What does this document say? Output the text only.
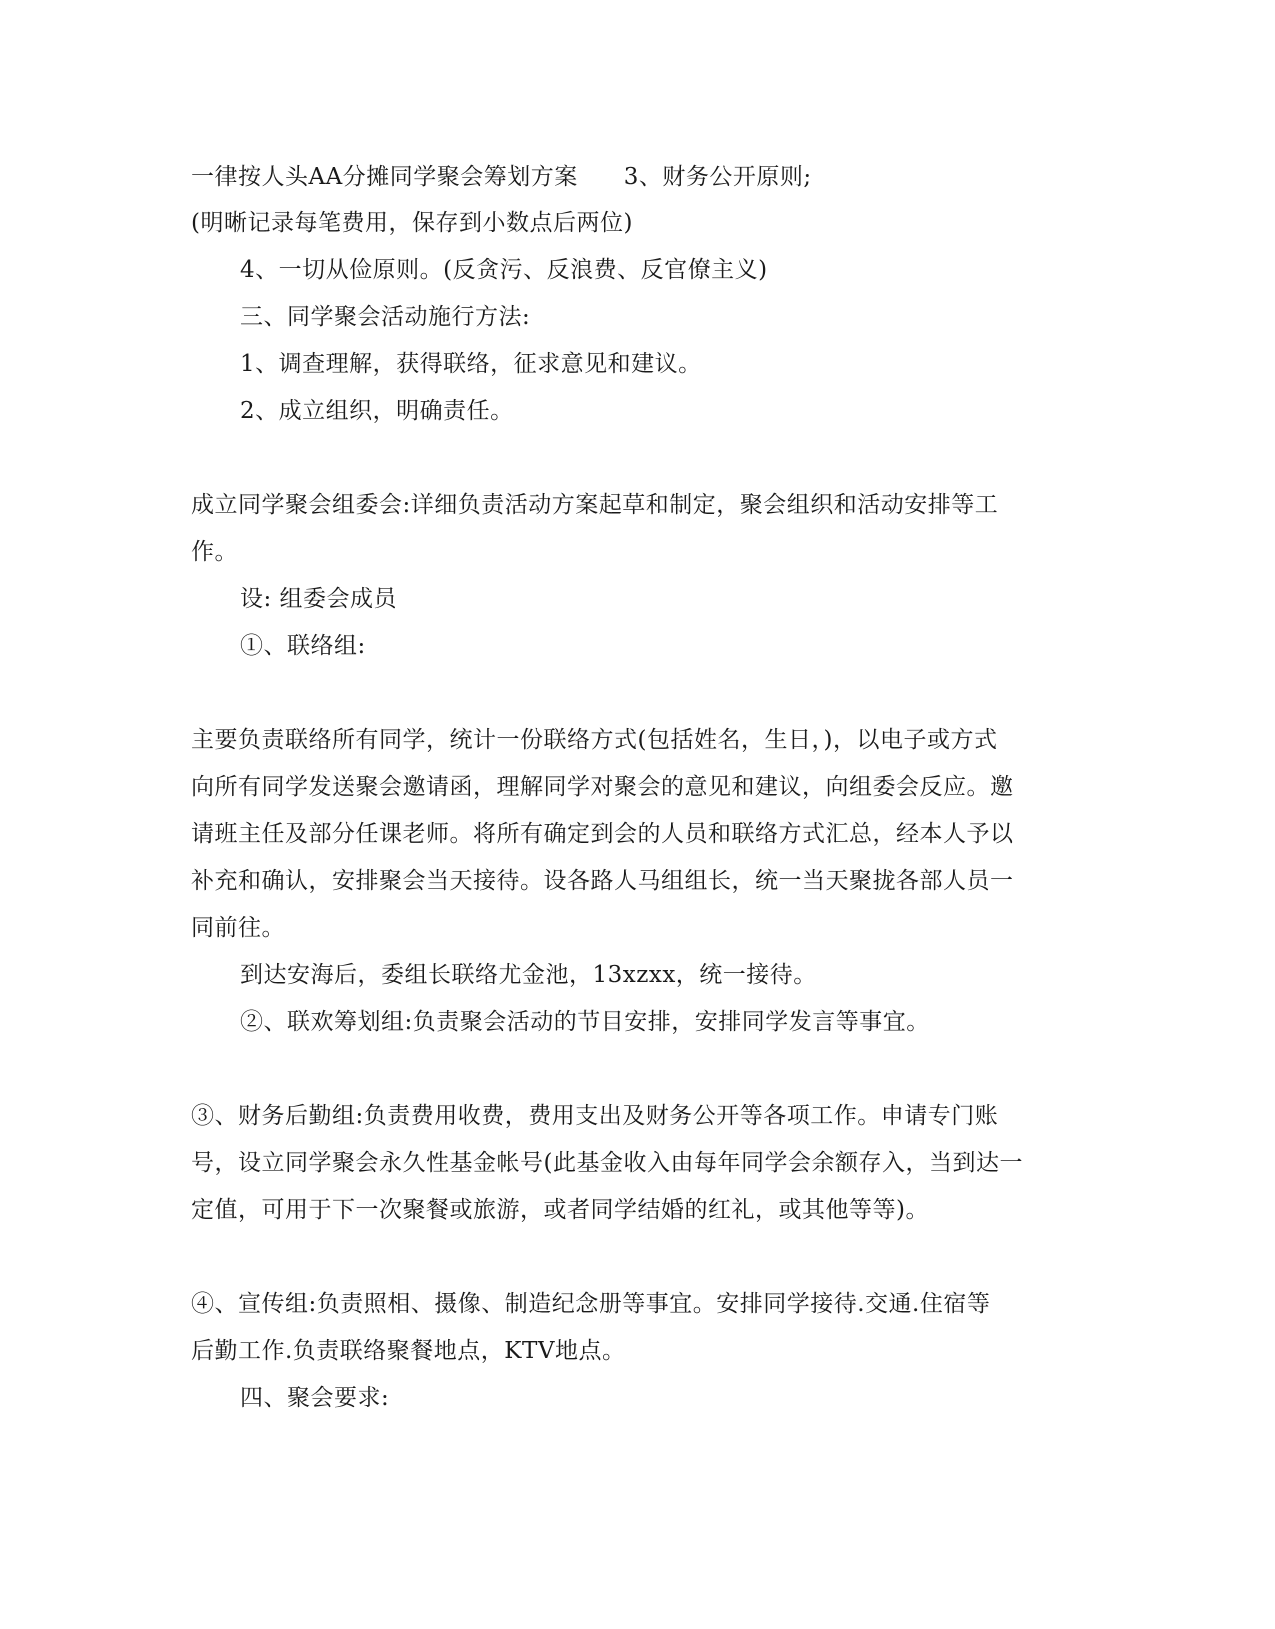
一律按人头AA分摊同学聚会筹划方案 3、财务公开原则;
(明晰记录每笔费用，保存到小数点后两位)
4、一切从俭原则。(反贪污、反浪费、反官僚主义)
三、同学聚会活动施行方法:
1、调查理解，获得联络，征求意见和建议。
2、成立组织，明确责任。
成立同学聚会组委会:详细负责活动方案起草和制定，聚会组织和活动安排等工
作。
设: 组委会成员
①、联络组:
主要负责联络所有同学，统计一份联络方式(包括姓名，生日，)，以电子或方式
向所有同学发送聚会邀请函，理解同学对聚会的意见和建议，向组委会反应。邀
请班主任及部分任课老师。将所有确定到会的人员和联络方式汇总，经本人予以
补充和确认，安排聚会当天接待。设各路人马组组长，统一当天聚拢各部人员一
同前往。
到达安海后，委组长联络尤金池，13xzxx，统一接待。
②、联欢筹划组:负责聚会活动的节目安排，安排同学发言等事宜。
③、财务后勤组:负责费用收费，费用支出及财务公开等各项工作。申请专门账
号，设立同学聚会永久性基金帐号(此基金收入由每年同学会余额存入，当到达一
定值，可用于下一次聚餐或旅游，或者同学结婚的红礼，或其他等等)。
④、宣传组:负责照相、摄像、制造纪念册等事宜。安排同学接待.交通.住宿等
后勤工作.负责联络聚餐地点，KTV地点。
四、聚会要求:
